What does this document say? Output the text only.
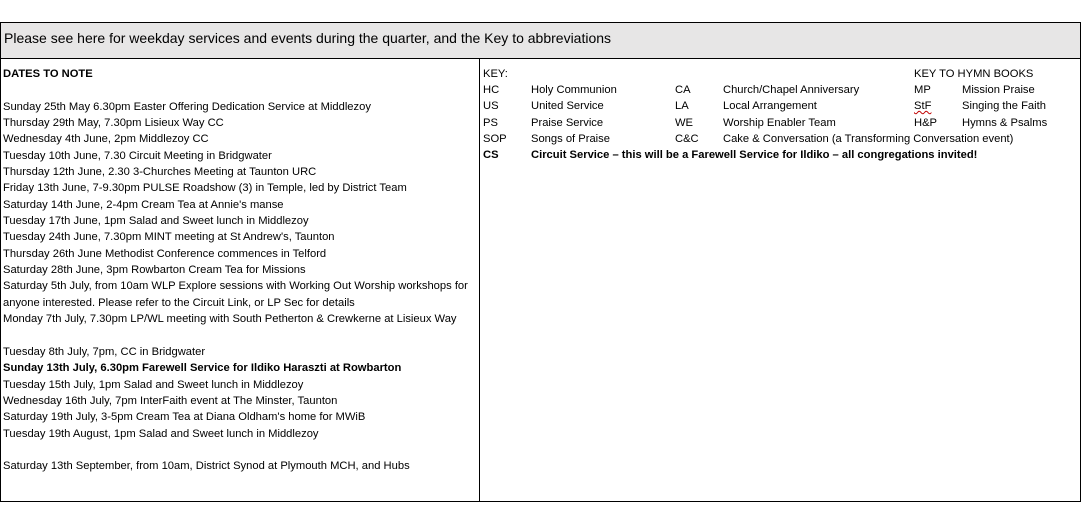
Please see here for weekday services and events during the quarter, and the Key to abbreviations
DATES TO NOTE
Sunday 25th May 6.30pm Easter Offering Dedication Service at Middlezoy
Thursday 29th May, 7.30pm Lisieux Way CC
Wednesday 4th June, 2pm Middlezoy CC
Tuesday 10th June, 7.30 Circuit Meeting in Bridgwater
Thursday 12th June, 2.30 3-Churches Meeting at Taunton URC
Friday 13th June, 7-9.30pm PULSE Roadshow (3) in Temple, led by District Team
Saturday 14th June, 2-4pm Cream Tea at Annie's manse
Tuesday 17th June, 1pm Salad and Sweet lunch in Middlezoy
Tuesday 24th June, 7.30pm MINT meeting at St Andrew's, Taunton
Thursday 26th June Methodist Conference commences in Telford
Saturday 28th June, 3pm Rowbarton Cream Tea for Missions
Saturday 5th July, from 10am WLP Explore sessions with Working Out Worship workshops for anyone interested. Please refer to the Circuit Link, or LP Sec for details
Monday 7th July, 7.30pm LP/WL meeting with South Petherton & Crewkerne at Lisieux Way
Tuesday 8th July, 7pm, CC in Bridgwater
Sunday 13th July, 6.30pm Farewell Service for Ildiko Haraszti at Rowbarton
Tuesday 15th July, 1pm Salad and Sweet lunch in Middlezoy
Wednesday 16th July, 7pm InterFaith event at The Minster, Taunton
Saturday 19th July, 3-5pm Cream Tea at Diana Oldham's home for MWiB
Tuesday 19th August, 1pm Salad and Sweet lunch in Middlezoy
Saturday 13th September, from 10am, District Synod at Plymouth MCH, and Hubs
KEY:	KEY TO HYMN BOOKS
HC	Holy Communion	CA	Church/Chapel Anniversary	MP	Mission Praise
US	United Service	LA	Local Arrangement	StF	Singing the Faith
PS	Praise Service	WE	Worship Enabler Team	H&P Hymns & Psalms
SOP Songs of Praise	C&C Cake & Conversation (a Transforming Conversation event)
CS	Circuit Service – this will be a Farewell Service for Ildiko – all congregations invited!
